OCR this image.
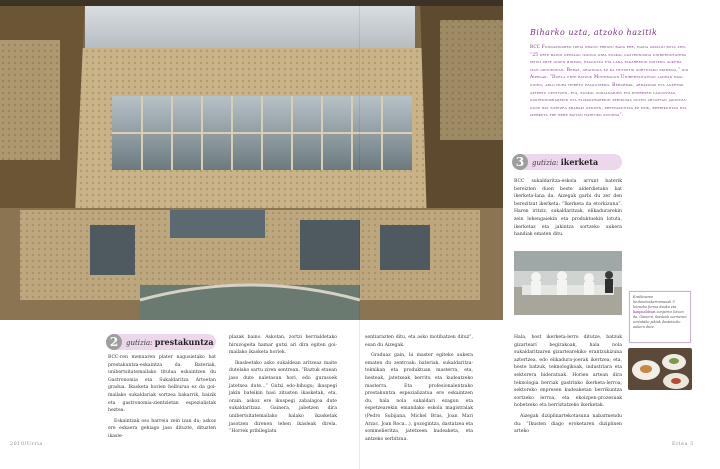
Biharko uzta, atzoko hazitik
BCC Fundazioaren ideia oraun erratu bada ere, hazia aspaldi bota zen. “25 urte baino gehiago izango dira euskal gastronomia unibertsitatera iritsi arte ginen bidean, ezagutza eta lana elkarrekin egiteko aukera izan genuenean. Beraz, oraingoa ez da hutsetik sortutako ekimena,” dio Aizegak. “Duela urte batzuk Mondragon Unibertsitatean lanean hasi ginen, arlo hura hobeto ezagutzeko. Beharrak, arrazoiak eta aukerak aztertu genituen, eta, euskal sukaldarien eta enpresen laguntzaz, gastronomiarekin eta elikadurarekin zerikusia duten arloetan jakintza-gune bat sortzea erabaki genuen, prestakuntza ez ezik, berrikuntza eta ikerketa ere bere baitan hartuko zituena”.
3	gutizia: ikerketa

BCC sukaldaritza-eskola arrunt baterik bereizten duen beste alderdietako bat ikerketa-lana da. Aizegak garbi du zer den berezitzat ikerketa: “Ikerketa da etorkizuna”. Haren iritziz, sukaldaritzak, elikadurarekin zein lehengaiekin eta produktuekin lotuta, ikerketaz eta jakintza sortzeko aukera handiak ematen ditu.

Eraikinaren hezkuntzakerromaoak U letrazko forma dauka eta kanpoaldeari zonjairoz lotzen da. Gainera, ikasleek sormenez sortutako jakiak dastatzeko aukera dute.
2	gutizia: prestakuntza

BCC-ren menuaren plater nagusietako bat prestakuntza-eskaintza da. Bateriak, unibertsitatemailako titulua eskaintzen du Gastronomia eta Sukaldaritza Arteetan gradua. Ikasketa horien helburua ez da goi-mailako sukaldariak sortzea bakarrik, baizik eta gastronomia-zientzietan espezialistak heztea.

Eskaintzak oso barreiu zein izan du; askoz ere eskaera gehiago jaso dituzte, dituzten ikasle-

plazak baino. Askotan, zortzi berrialdetako hiruzogeita hamar gutxi ari dira egiten goi-mailako ikasketa horiek.

Ikasleetako asko sukaldean aritzeaz maite dutelako sartu ziren sentrean. “Baztuk etxean jaso dute naletasun hori, edo gurasoek jatetxea dute...” Gutxi edo-bihugu; ikuspegi jakin bateikin hasi zitusten ikasketak, eta, orain, askoz ere ikuspegi zabalagoa dute sukaldaritzaz. Gainera, jabetzen dira unibertsitatemailako halako ikasketak jasotzen direnen lehen ikasleak direla. “Horrek pribilegiatu

sentiarazten ditu, eta asko motibatzen dituz”, esan du Aizegak.

Graduaz gain, bi master egiteko aukera ematen du zentroak: bateriak, sukaldaritza-teknikan eta produktuan masterra, eta, besteak, jatetxeak berritu eta kudeatzeko masterra. Eta profesionalentzako prestakuntza espezializatua ere eskaintzen du, hala nola sukaldari ezagun eta espetzearekin emandako eskola magistralak (Pedro Subijana, Michel Bras, Joan Mari Arzac, Joan Roca...), gozogintza, dastatzea eta sommelieritza, jatetxeen kudeaketa, eta antzeko serbitzua.

Hala, bost ikerketa-lerro ditutze, batzuk gizartearí begirakoak, hala nola sukaldaritzaren gizartearekiko erantzukizuna aztertzea, edo elikadura-joerak ikertzea; eta, beste batzuk, teknologikoak, industriara eta sektorera bideratuak. Horien artean dira teknologia berriak gastrinko ikerketa-lerroa, sektoreko enpresen kudeaketan berrikuntza sortzeko lerroa, eta ekoizpen-prozesuak hobetzeko eta berriztatzeko ikerketak.

Aizegak diziplinartekotasuna nabarmendu du: “Ikusten diago eroketaren diziplinen arteko

2010/Urria	Erlea 3
